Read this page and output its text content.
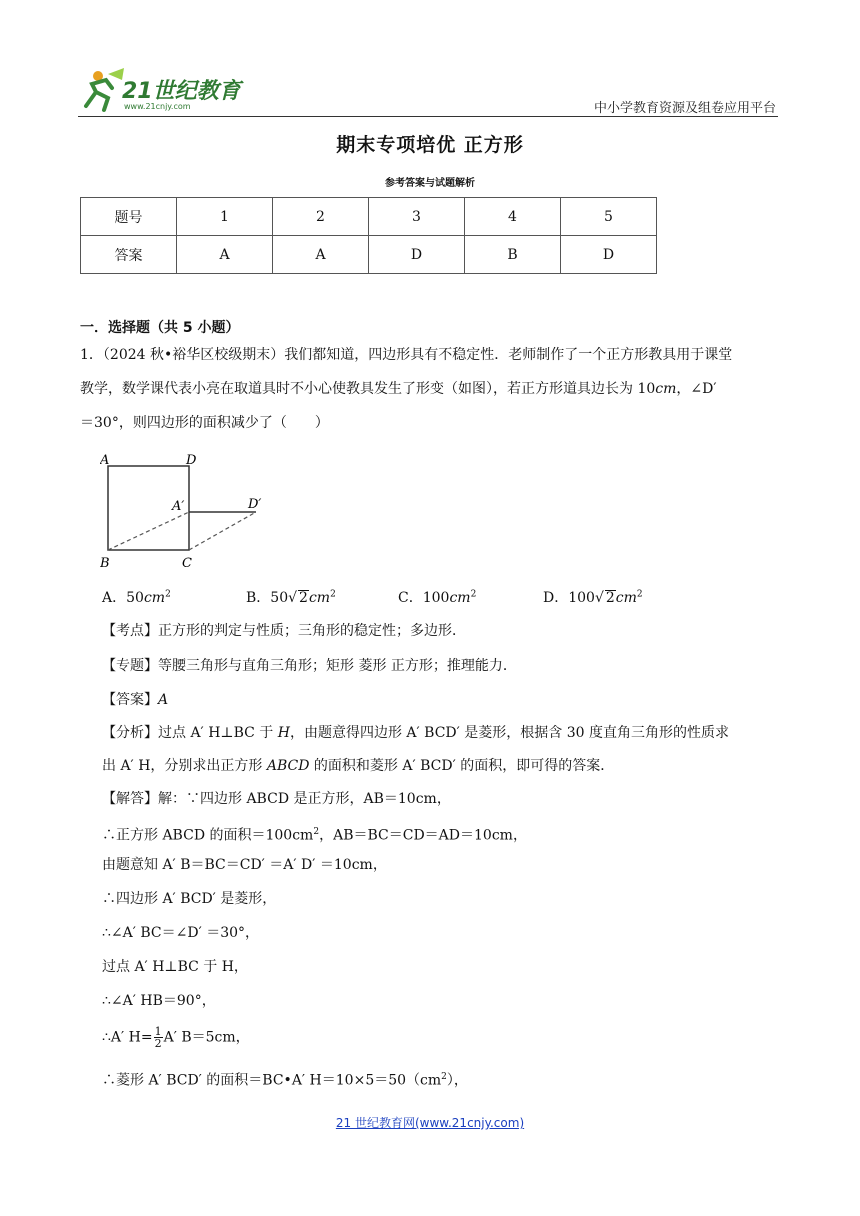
21世纪教育
www.21cnjy.com	中小学教育资源及组卷应用平台
期末专项培优 正方形
参考答案与试题解析
题号	1	2	3	4	5
答案	A	A	D	B	D
一．选择题（共 5 小题）
1．（2024 秋•裕华区校级期末）我们都知道，四边形具有不稳定性．老师制作了一个正方形教具用于课堂
教学，数学课代表小亮在取道具时不小心使教具发生了形变（如图），若正方形道具边长为 10cm，∠D′
＝30°，则四边形的面积减少了（　　）
A	D
A′	D′
B	C
A．$50cm^2$	B．50√ $2cm^2$	C．$100cm^2$	D．100√ $2cm^2$
【考点】正方形的判定与性质；三角形的稳定性；多边形．
【专题】等腰三角形与直角三角形；矩形 菱形 正方形；推理能力．
【答案】A
【分析】过点 A′ H⊥BC 于 H，由题意得四边形 A′ BCD′ 是菱形，根据含 30 度直角三角形的性质求
出 A′ H，分别求出正方形 ABCD 的面积和菱形 A′ BCD′ 的面积，即可得的答案．
【解答】解：∵四边形 ABCD 是正方形，AB＝10cm，
∴正方形 ABCD 的面积$=100cm^2$，AB＝BC＝CD＝AD＝10cm，
由题意知 A′ B＝BC＝CD′ ＝A′ D′ ＝10cm，
∴四边形 A′ BCD′ 是菱形，
∴∠A′ BC＝∠D′ ＝30°，
过点 A′ H⊥BC 于 H，
∴∠A′ HB＝90°，
∴A′ $H= \frac{1}{2} A'$ B＝5cm，
∴菱形 A′ BCD′ 的面积＝BC•A′ $H=10\times 5=50(cm^2)$，
21 世纪教育网(www.21cnjy.com)
